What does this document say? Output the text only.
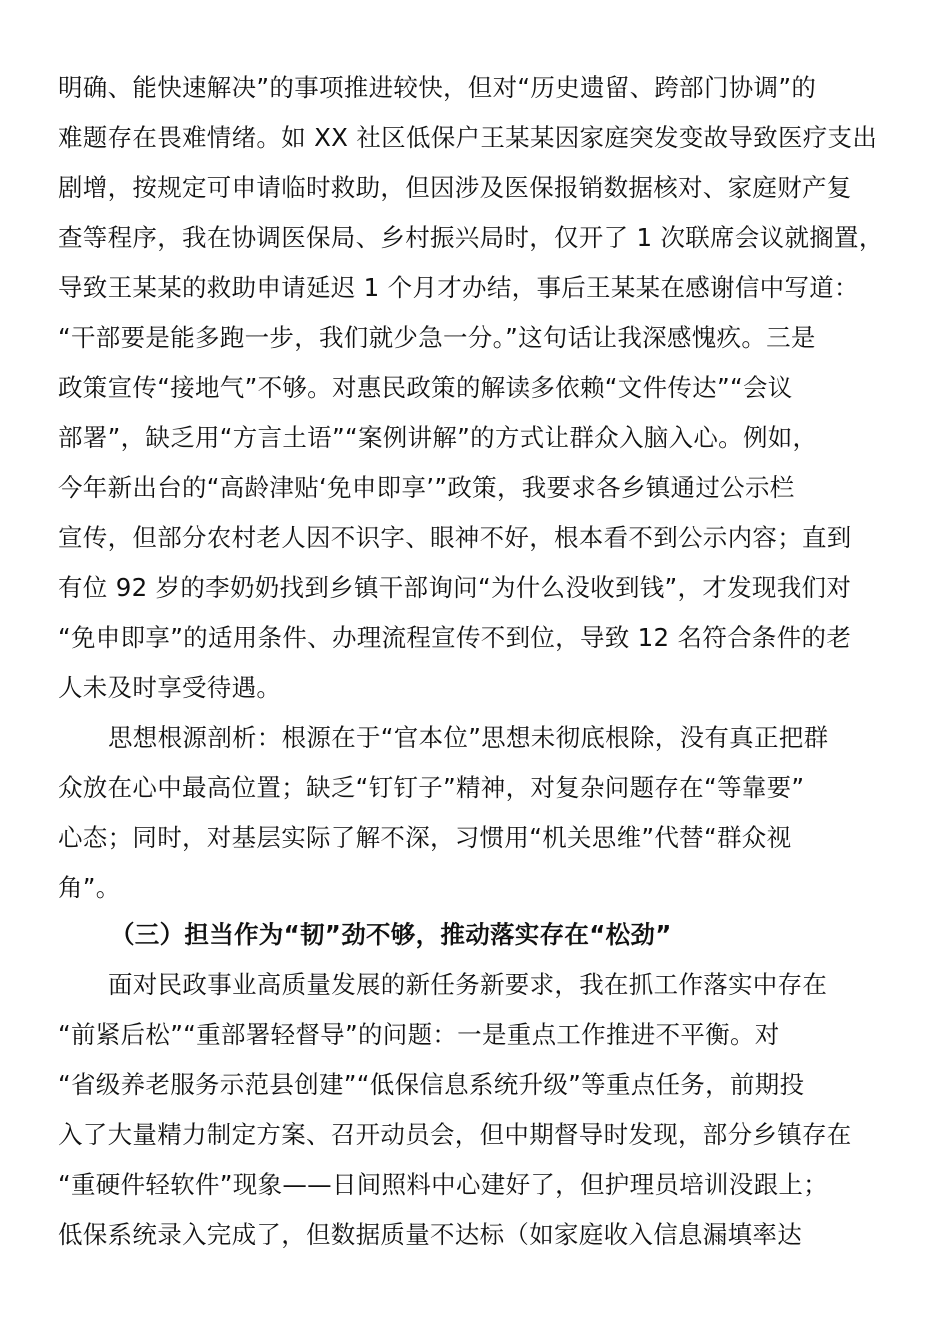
明确、能快速解决”的事项推进较快，但对“历史遗留、跨部门协调”的
难题存在畏难情绪。如 XX 社区低保户王某某因家庭突发变故导致医疗支出
剧增，按规定可申请临时救助，但因涉及医保报销数据核对、家庭财产复
查等程序，我在协调医保局、乡村振兴局时，仅开了 1 次联席会议就搁置，
导致王某某的救助申请延迟 1 个月才办结，事后王某某在感谢信中写道：
“干部要是能多跑一步，我们就少急一分。”这句话让我深感愧疚。三是
政策宣传“接地气”不够。对惠民政策的解读多依赖“文件传达”“会议
部署”，缺乏用“方言土语”“案例讲解”的方式让群众入脑入心。例如，
今年新出台的“高龄津贴‘免申即享’”政策，我要求各乡镇通过公示栏
宣传，但部分农村老人因不识字、眼神不好，根本看不到公示内容；直到
有位 92 岁的李奶奶找到乡镇干部询问“为什么没收到钱”，才发现我们对
“免申即享”的适用条件、办理流程宣传不到位，导致 12 名符合条件的老
人未及时享受待遇。
思想根源剖析：根源在于“官本位”思想未彻底根除，没有真正把群
众放在心中最高位置；缺乏“钉钉子”精神，对复杂问题存在“等靠要”
心态；同时，对基层实际了解不深，习惯用“机关思维”代替“群众视
角”。
（三）担当作为“韧”劲不够，推动落实存在“松劲”
面对民政事业高质量发展的新任务新要求，我在抓工作落实中存在
“前紧后松”“重部署轻督导”的问题：一是重点工作推进不平衡。对
“省级养老服务示范县创建”“低保信息系统升级”等重点任务，前期投
入了大量精力制定方案、召开动员会，但中期督导时发现，部分乡镇存在
“重硬件轻软件”现象——日间照料中心建好了，但护理员培训没跟上；
低保系统录入完成了，但数据质量不达标（如家庭收入信息漏填率达
